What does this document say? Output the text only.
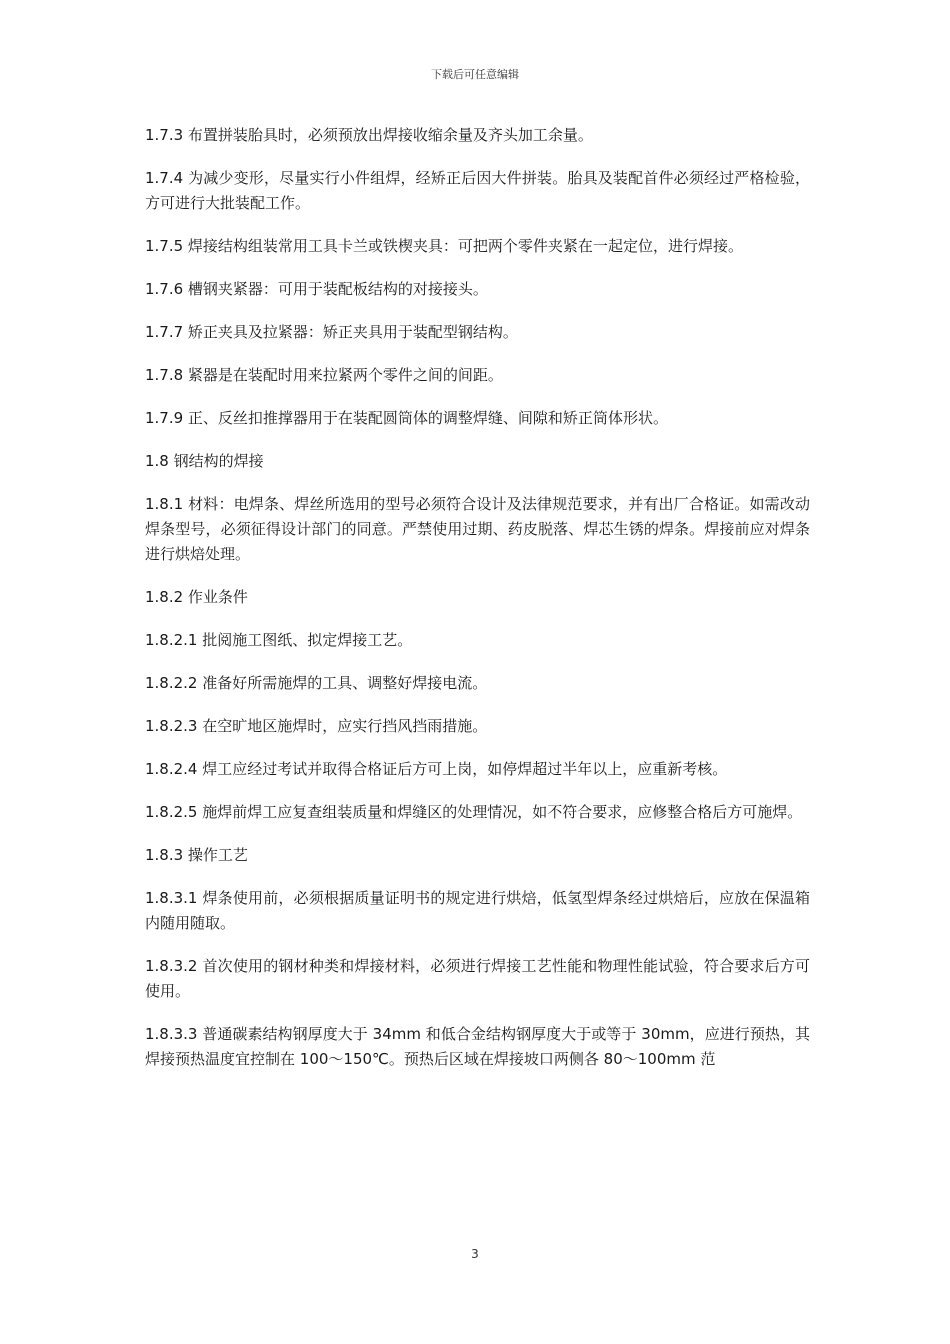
下载后可任意编辑

1.7.3 布置拼装胎具时，必须预放出焊接收缩余量及齐头加工余量。

1.7.4 为减少变形，尽量实行小件组焊，经矫正后因大件拼装。胎具及装配首件必须经过严格检验，方可进行大批装配工作。

1.7.5 焊接结构组装常用工具卡兰或铁楔夹具：可把两个零件夹紧在一起定位，进行焊接。

1.7.6 槽钢夹紧器：可用于装配板结构的对接接头。

1.7.7 矫正夹具及拉紧器：矫正夹具用于装配型钢结构。

1.7.8 紧器是在装配时用来拉紧两个零件之间的间距。

1.7.9 正、反丝扣推撑器用于在装配圆筒体的调整焊缝、间隙和矫正筒体形状。

1.8 钢结构的焊接

1.8.1 材料：电焊条、焊丝所选用的型号必须符合设计及法律规范要求，并有出厂合格证。如需改动焊条型号，必须征得设计部门的同意。严禁使用过期、药皮脱落、焊芯生锈的焊条。焊接前应对焊条进行烘焙处理。

1.8.2 作业条件

1.8.2.1 批阅施工图纸、拟定焊接工艺。

1.8.2.2 准备好所需施焊的工具、调整好焊接电流。

1.8.2.3 在空旷地区施焊时，应实行挡风挡雨措施。

1.8.2.4 焊工应经过考试并取得合格证后方可上岗，如停焊超过半年以上，应重新考核。

1.8.2.5 施焊前焊工应复查组装质量和焊缝区的处理情况，如不符合要求，应修整合格后方可施焊。

1.8.3 操作工艺

1.8.3.1 焊条使用前，必须根据质量证明书的规定进行烘焙，低氢型焊条经过烘焙后，应放在保温箱内随用随取。

1.8.3.2 首次使用的钢材种类和焊接材料，必须进行焊接工艺性能和物理性能试验，符合要求后方可使用。

1.8.3.3 普通碳素结构钢厚度大于 34mm 和低合金结构钢厚度大于或等于 30mm，应进行预热，其焊接预热温度宜控制在 100～150℃。预热后区域在焊接坡口两侧各 80～100mm 范

3
